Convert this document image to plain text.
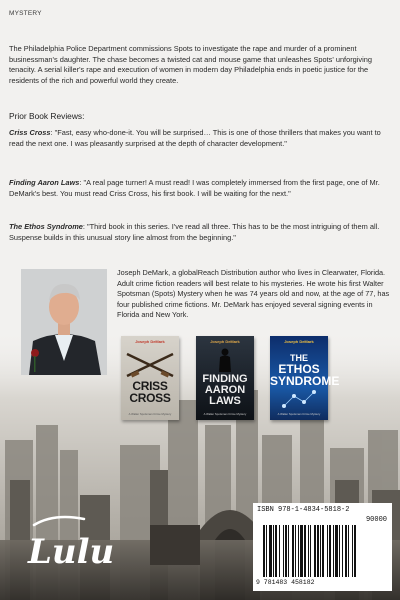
MYSTERY

The Philadelphia Police Department commissions Spots to investigate the rape and murder of a prominent businessman's daughter. The chase becomes a twisted cat and mouse game that unleashes Spots' unforgiving tenacity. A serial killer's rape and execution of women in modern day Philadelphia ends in poetic justice for the residents of the rich and powerful world they create.

Prior Book Reviews:

Criss Cross: "Fast, easy who-done-it. You will be surprised… This is one of those thrillers that makes you want to read the next one. I was pleasantly surprised at the depth of character development."

Finding Aaron Laws: "A real page turner! A must read! I was completely immersed from the first page, one of Mr. DeMark's best. You must read Criss Cross, his first book. I will be waiting for the next."

The Ethos Syndrome: "Third book in this series. I've read all three. This has to be the most intriguing of them all. Suspense builds in this unusual story line almost from the beginning."

Joseph DeMark, a globalReach Distribution author who lives in Clearwater, Florida. Adult crime fiction readers will best relate to his mysteries. He wrote his first Walter Spotsman (Spots) Mystery when he was 74 years old and now, at the age of 77, has four published crime fictions. Mr. DeMark has enjoyed several signing events in Florida and New York.

Joseph DeMark
CRISS
CROSS
A Walter Spotsman Crime Mystery
Joseph DeMark
FINDING
AARON LAWS
A Walter Spotsman Crime Mystery
Joseph DeMark
THE
ETHOS
SYNDROME
A Walter Spotsman Crime Mystery
Lulu
ISBN 978-1-4834-5818-2
90000
9 781483 458182
